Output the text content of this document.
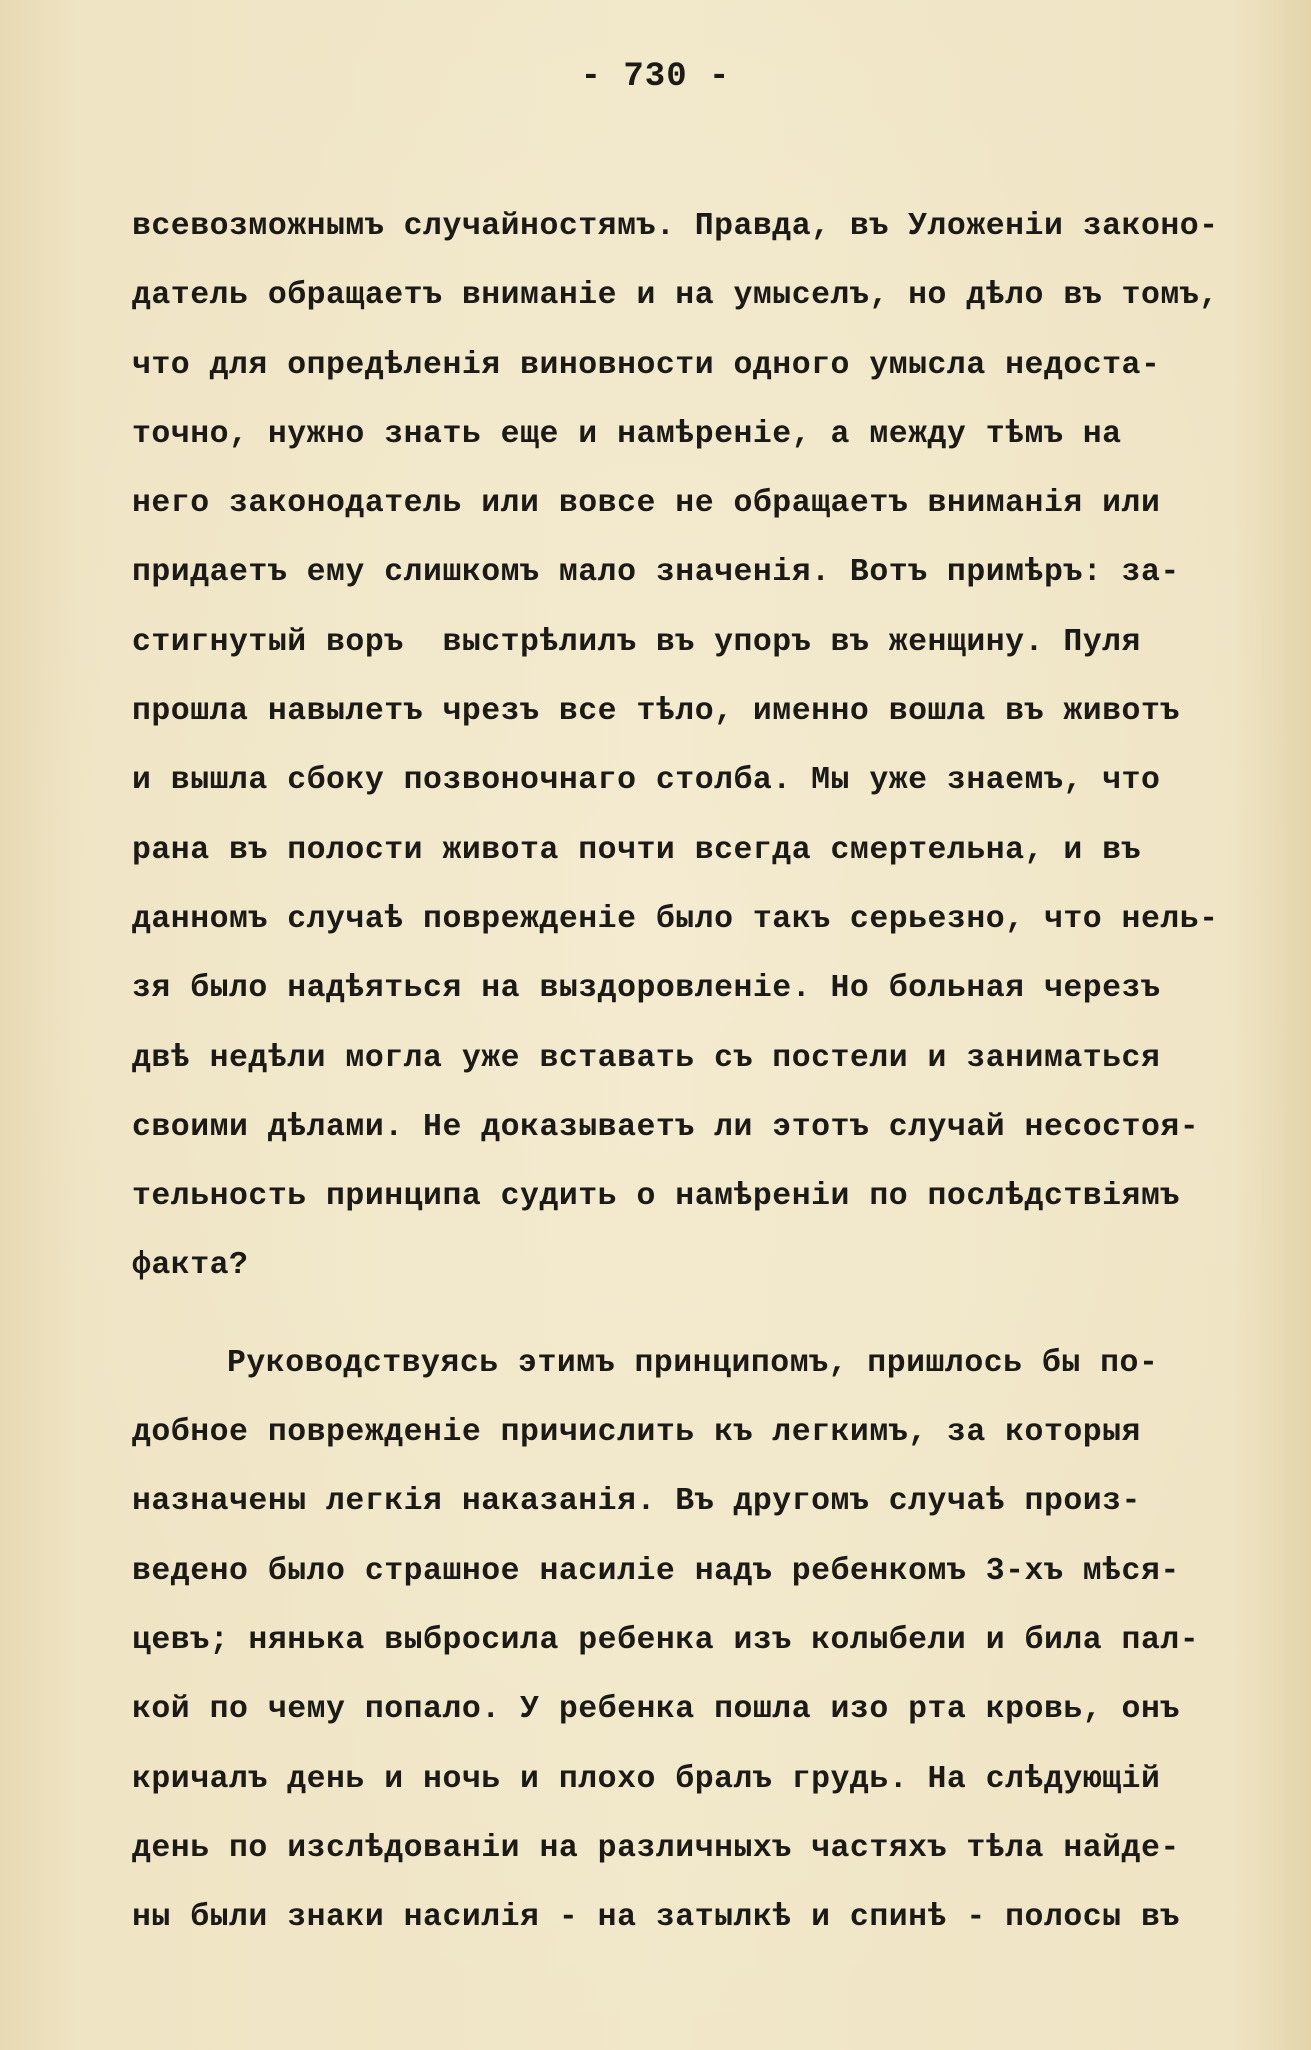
- 730 -

всевозможнымъ случайностямъ. Правда, въ Уложенiи законо-

датель обращаетъ вниманiе и на умыселъ, но дѣло въ томъ,

что для опредѣленiя виновности одного умысла недоста-

точно, нужно знать еще и намѣренiе, а между тѣмъ на

него законодатель или вовсе не обращаетъ вниманiя или

придаетъ ему слишкомъ мало значенiя. Вотъ примѣръ: за-

стигнутый воръ  выстрѣлилъ въ упоръ въ женщину. Пуля

прошла навылетъ чрезъ все тѣло, именно вошла въ животъ

и вышла сбоку позвоночнаго столба. Мы уже знаемъ, что

рана въ полости живота почти всегда смертельна, и въ

данномъ случаѣ поврежденiе было такъ серьезно, что нель-

зя было надѣяться на выздоровленiе. Но больная черезъ

двѣ недѣли могла уже вставать съ постели и заниматься

своими дѣлами. Не доказываетъ ли этотъ случай несостоя-

тельность принципа судить о намѣренiи по послѣдствiямъ

факта?

Руководствуясь этимъ принципомъ, пришлось бы по-

добное поврежденiе причислить къ легкимъ, за которыя

назначены легкiя наказанiя. Въ другомъ случаѣ произ-

ведено было страшное насилiе надъ ребенкомъ 3-хъ мѣся-

цевъ; нянька выбросила ребенка изъ колыбели и била пал-

кой по чему попало. У ребенка пошла изо рта кровь, онъ

кричалъ день и ночь и плохо бралъ грудь. На слѣдующiй

день по изслѣдованiи на различныхъ частяхъ тѣла найде-

ны были знаки насилiя - на затылкѣ и спинѣ - полосы въ
